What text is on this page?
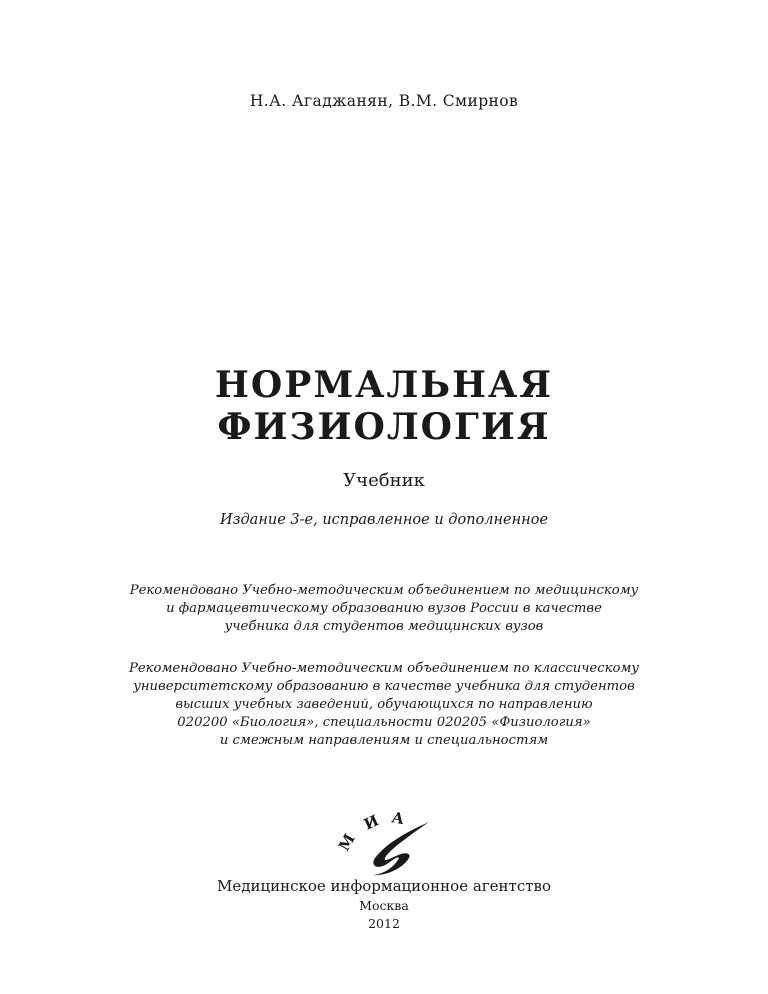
Н.А. Агаджанян, В.М. Смирнов
НОРМАЛЬНАЯ
ФИЗИОЛОГИЯ
Учебник
Издание 3-е, исправленное и дополненное
Рекомендовано Учебно-методическим объединением по медицинскому
и фармацевтическому образованию вузов России в качестве
учебника для студентов медицинских вузов
Рекомендовано Учебно-методическим объединением по классическому
университетскому образованию в качестве учебника для студентов
высших учебных заведений, обучающихся по направлению
020200 «Биология», специальности 020205 «Физиология»
и смежным направлениям и специальностям
М
И А
Медицинское информационное агентство
Москва
2012
